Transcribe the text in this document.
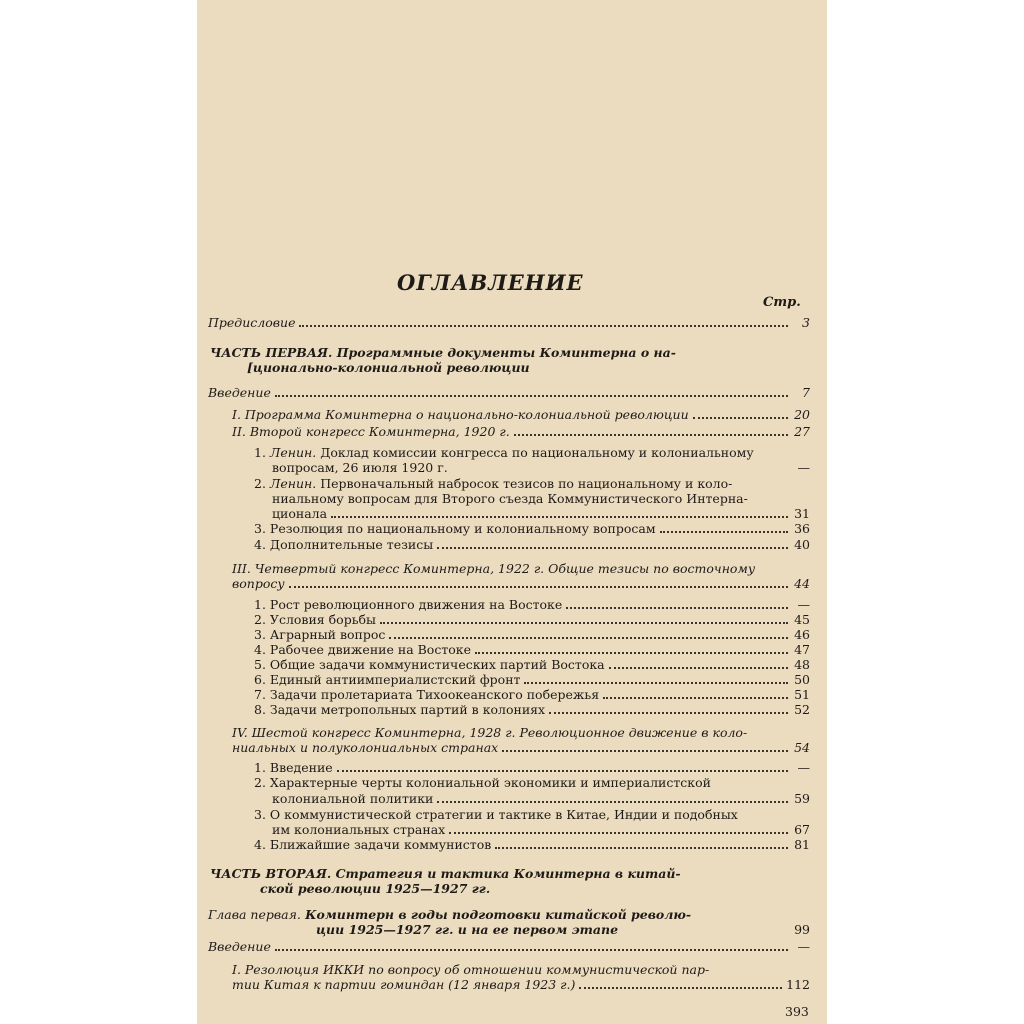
ОГЛАВЛЕНИЕ
Стр.
Предисловие	3
ЧАСТЬ ПЕРВАЯ. Программные документы Коминтерна о на-
[ционально-колониальной революции
Введение	7
I. Программа Коминтерна о национально-колониальной революции	20
II. Второй конгресс Коминтерна, 1920 г.	27
1. Ленин. Доклад комиссии конгресса по национальному и колониальному
вопросам, 26 июля 1920 г.	—
2. Ленин. Первоначальный набросок тезисов по национальному и коло-
ниальному вопросам для Второго съезда Коммунистического Интерна-
ционала	31
3. Резолюция по национальному и колониальному вопросам	36
4. Дополнительные тезисы	40
III. Четвертый конгресс Коминтерна, 1922 г. Общие тезисы по восточному
вопросу	44
1. Рост революционного движения на Востоке	—
2. Условия борьбы	45
3. Аграрный вопрос	46
4. Рабочее движение на Востоке	47
5. Общие задачи коммунистических партий Востока	48
6. Единый антиимпериалистский фронт	50
7. Задачи пролетариата Тихоокеанского побережья	51
8. Задачи метропольных партий в колониях	52
IV. Шестой конгресс Коминтерна, 1928 г. Революционное движение в коло-
ниальных и полуколониальных странах	54
1. Введение	—
2. Характерные черты колониальной экономики и империалистской
колониальной политики	59
3. О коммунистической стратегии и тактике в Китае, Индии и подобных
им колониальных странах	67
4. Ближайшие задачи коммунистов	81
ЧАСТЬ ВТОРАЯ. Стратегия и тактика Коминтерна в китай-
ской революции 1925—1927 гг.
Глава первая. Коминтерн в годы подготовки китайской револю-
ции 1925—1927 гг. и на ее первом этапе	99
Введение	—
I. Резолюция ИККИ по вопросу об отношении коммунистической пар-
тии Китая к партии гоминдан (12 января 1923 г.)	112
393
